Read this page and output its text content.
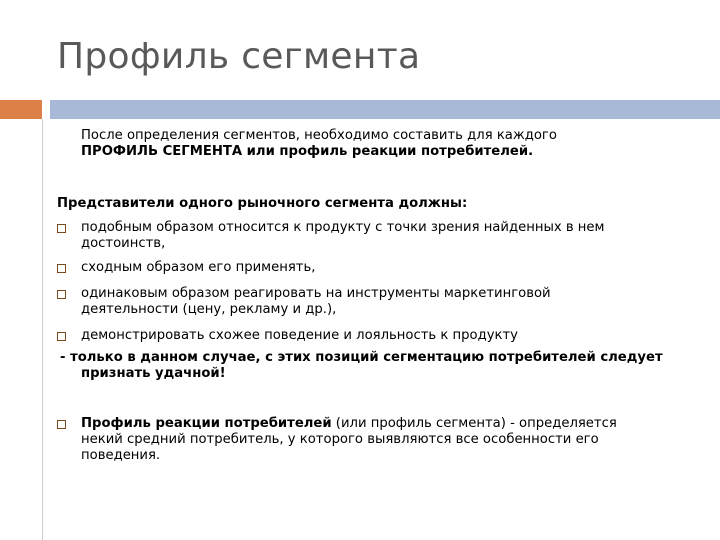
Профиль сегмента
После определения сегментов, необходимо составить для каждого
ПРОФИЛЬ СЕГМЕНТА или профиль реакции потребителей.
Представители одного рыночного сегмента должны:
подобным образом относится к продукту с точки зрения найденных в нем
достоинств,
сходным образом его применять,
одинаковым образом реагировать на инструменты маркетинговой
деятельности (цену, рекламу и др.),
демонстрировать схожее поведение и лояльность к продукту
- только в данном случае, с этих позиций сегментацию потребителей следует
признать удачной!
Профиль реакции потребителей (или профиль сегмента) - определяется
некий средний потребитель, у которого выявляются все особенности его
поведения.
